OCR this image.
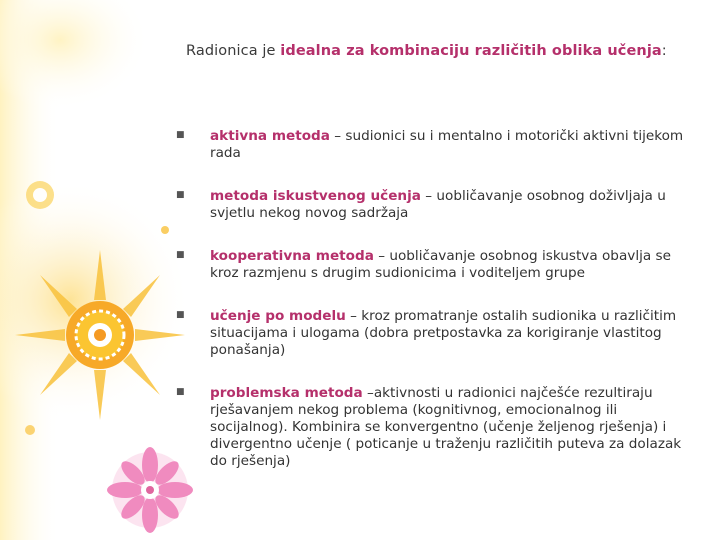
Radionica je idealna za kombinaciju različitih oblika učenja:
■ aktivna metoda – sudionici su i mentalno i motorički aktivni tijekom rada
■ metoda iskustvenog učenja – uobličavanje osobnog doživljaja u svjetlu nekog novog sadržaja
■ kooperativna metoda – uobličavanje osobnog iskustva obavlja se kroz razmjenu s drugim sudionicima i voditeljem grupe
■ učenje po modelu – kroz promatranje ostalih sudionika u različitim situacijama i ulogama (dobra pretpostavka za korigiranje vlastitog ponašanja)
■ problemska metoda –aktivnosti u radionici najčešće rezultiraju rješavanjem nekog problema (kognitivnog, emocionalnog ili socijalnog). Kombinira se konvergentno (učenje željenog rješenja) i divergentno učenje ( poticanje u traženju različitih puteva za dolazak do rješenja)
